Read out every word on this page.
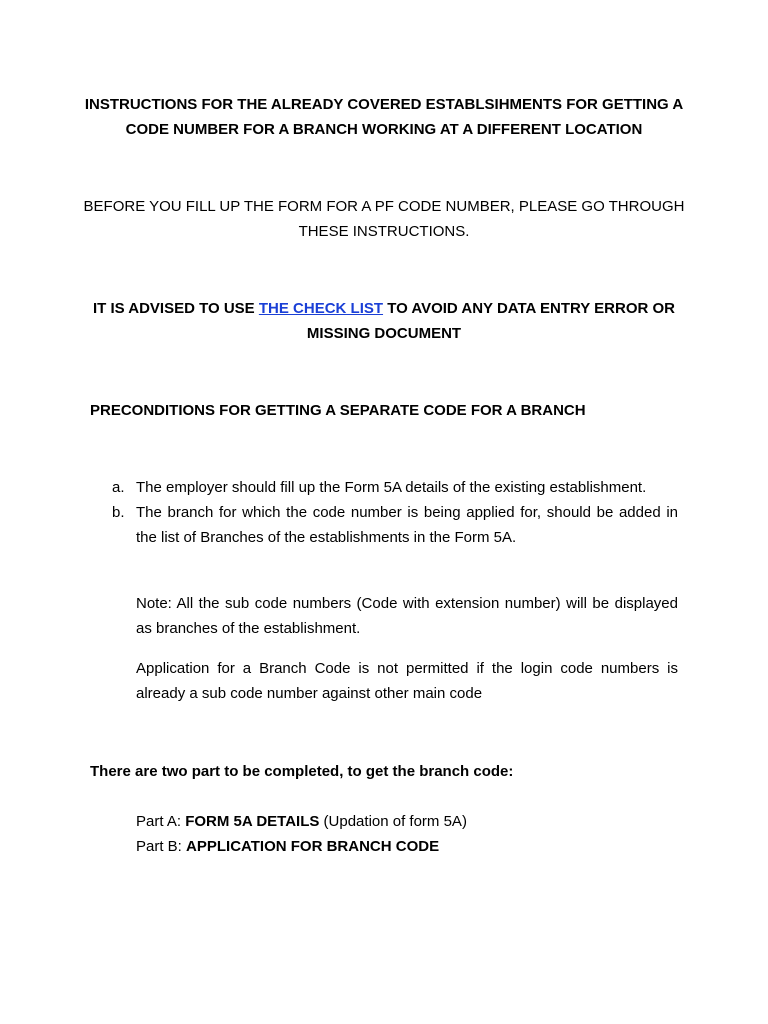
INSTRUCTIONS FOR THE ALREADY COVERED ESTABLSIHMENTS FOR GETTING A
CODE NUMBER FOR A BRANCH WORKING AT A DIFFERENT LOCATION
BEFORE YOU FILL UP THE FORM FOR A PF CODE NUMBER, PLEASE GO THROUGH
THESE INSTRUCTIONS.
IT IS ADVISED TO USE THE CHECK LIST TO AVOID ANY DATA ENTRY ERROR OR
MISSING DOCUMENT
PRECONDITIONS FOR GETTING A SEPARATE CODE FOR A BRANCH
a. The employer should fill up the Form 5A details of the existing establishment.
b. The branch for which the code number is being applied for, should be added in the list of Branches of the establishments in the Form 5A.
Note: All the sub code numbers (Code with extension number) will be displayed as branches of the establishment.
Application for a Branch Code is not permitted if the login code numbers is already a sub code number against other main code
There are two part to be completed, to get the branch code:
Part A: FORM 5A DETAILS (Updation of form 5A)
Part B: APPLICATION FOR BRANCH CODE
